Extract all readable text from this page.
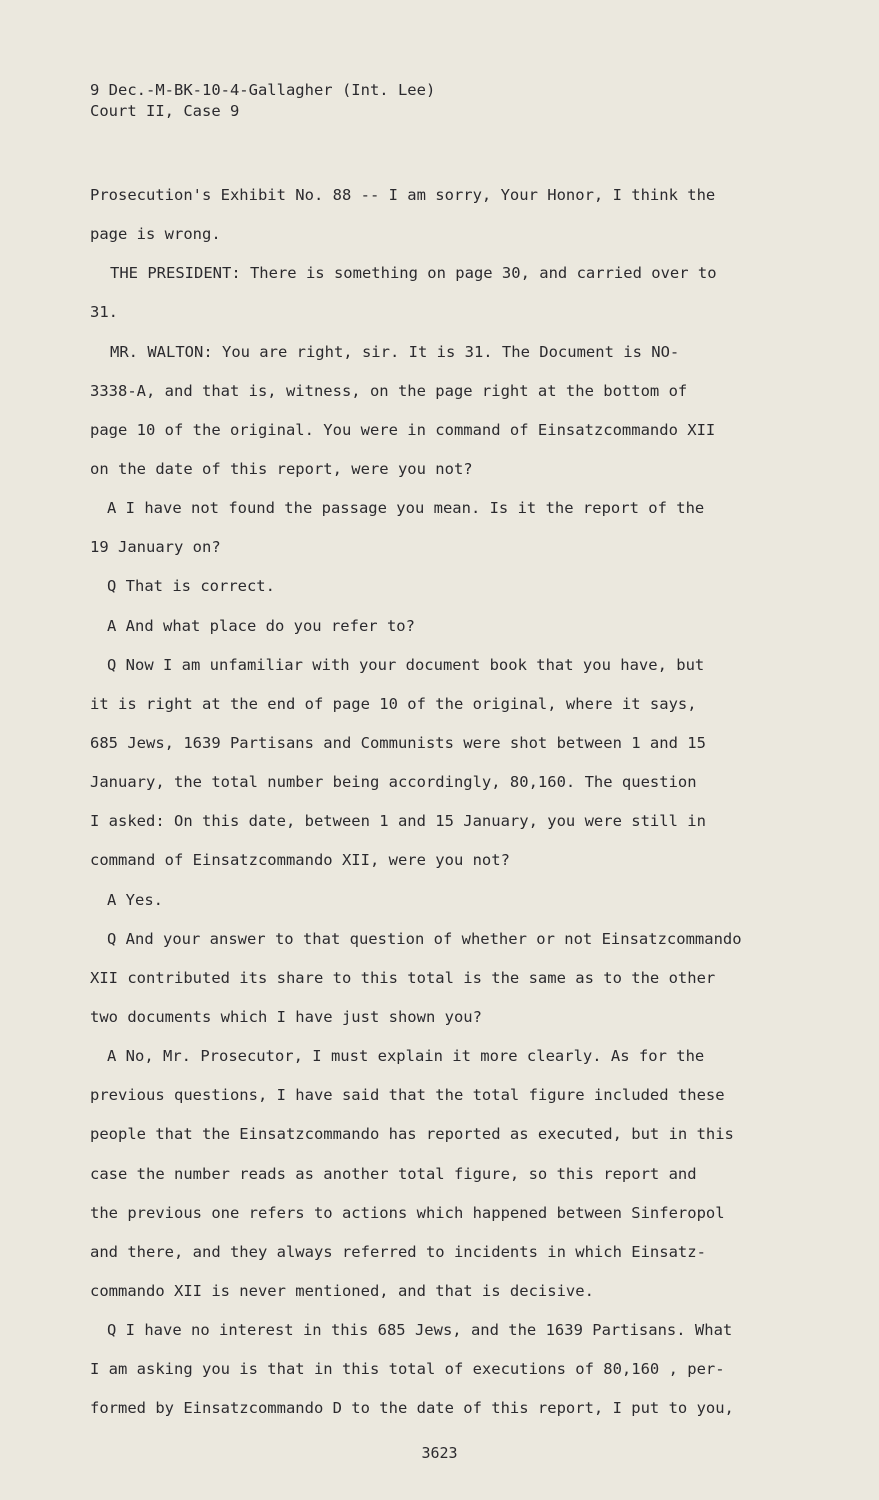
9 Dec.-M-BK-10-4-Gallagher (Int. Lee)
Court II, Case 9
Prosecution's Exhibit No. 88 -- I am sorry, Your Honor, I think the
page is wrong.
THE PRESIDENT: There is something on page 30, and carried over to
31.
MR. WALTON: You are right, sir. It is 31. The Document is NO-
3338-A, and that is, witness, on the page right at the bottom of
page 10 of the original. You were in command of Einsatzcommando XII
on the date of this report, were you not?
A I have not found the passage you mean. Is it the report of the
19 January on?
Q That is correct.
A And what place do you refer to?
Q Now I am unfamiliar with your document book that you have, but
it is right at the end of page 10 of the original, where it says,
685 Jews, 1639 Partisans and Communists were shot between 1 and 15
January, the total number being accordingly, 80,160. The question
I asked: On this date, between 1 and 15 January, you were still in
command of Einsatzcommando XII, were you not?
A Yes.
Q And your answer to that question of whether or not Einsatzcommando
XII contributed its share to this total is the same as to the other
two documents which I have just shown you?
A No, Mr. Prosecutor, I must explain it more clearly. As for the
previous questions, I have said that the total figure included these
people that the Einsatzcommando has reported as executed, but in this
case the number reads as another total figure, so this report and
the previous one refers to actions which happened between Sinferopol
and there, and they always referred to incidents in which Einsatz-
commando XII is never mentioned, and that is decisive.
Q I have no interest in this 685 Jews, and the 1639 Partisans. What
I am asking you is that in this total of executions of 80,160 , per-
formed by Einsatzcommando D to the date of this report, I put to you,
3623
